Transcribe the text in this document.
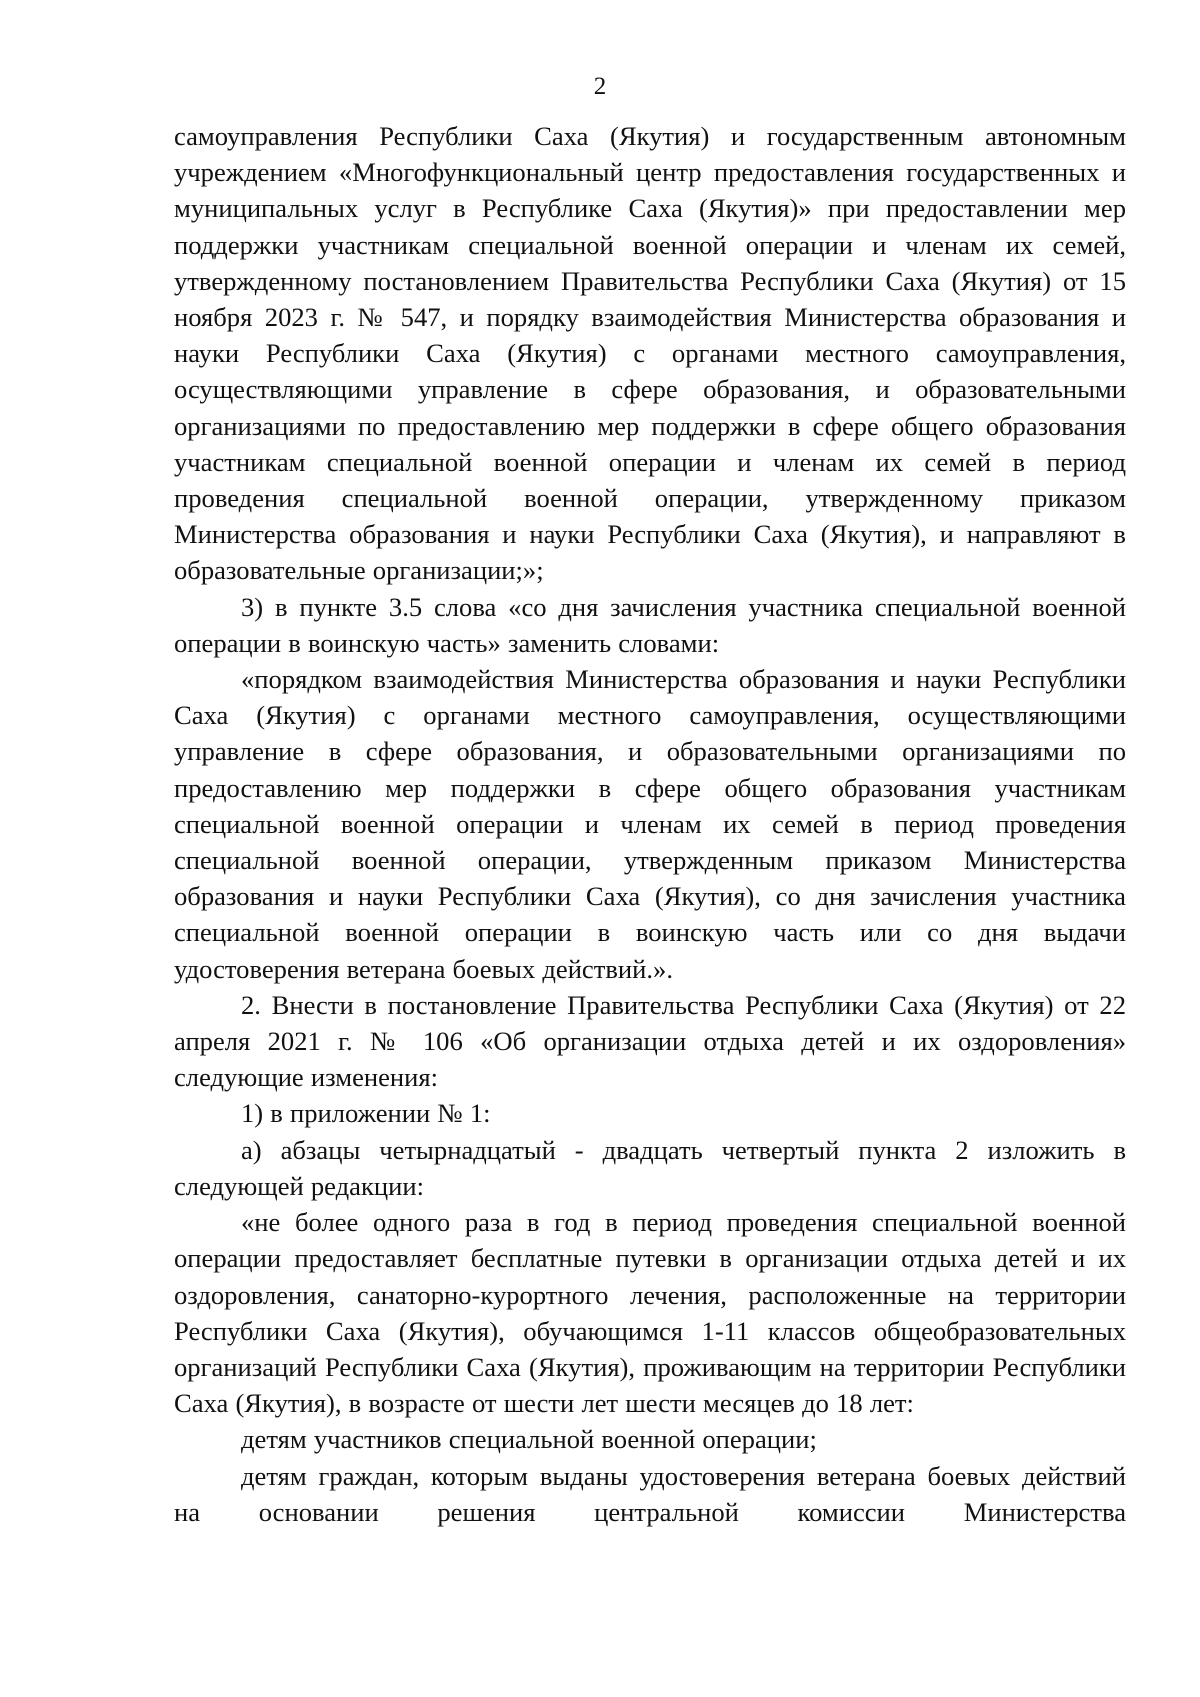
2

самоуправления Республики Саха (Якутия) и государственным автономным учреждением «Многофункциональный центр предоставления государственных и муниципальных услуг в Республике Саха (Якутия)» при предоставлении мер поддержки участникам специальной военной операции и членам их семей, утвержденному постановлением Правительства Республики Саха (Якутия) от 15 ноября 2023 г. № 547, и порядку взаимодействия Министерства образования и науки Республики Саха (Якутия) с органами местного самоуправления, осуществляющими управление в сфере образования, и образовательными организациями по предоставлению мер поддержки в сфере общего образования участникам специальной военной операции и членам их семей в период проведения специальной военной операции, утвержденному приказом Министерства образования и науки Республики Саха (Якутия), и направляют в образовательные организации;»;

3) в пункте 3.5 слова «со дня зачисления участника специальной военной операции в воинскую часть» заменить словами:

«порядком взаимодействия Министерства образования и науки Республики Саха (Якутия) с органами местного самоуправления, осуществляющими управление в сфере образования, и образовательными организациями по предоставлению мер поддержки в сфере общего образования участникам специальной военной операции и членам их семей в период проведения специальной военной операции, утвержденным приказом Министерства образования и науки Республики Саха (Якутия), со дня зачисления участника специальной военной операции в воинскую часть или со дня выдачи удостоверения ветерана боевых действий.».

2. Внести в постановление Правительства Республики Саха (Якутия) от 22 апреля 2021 г. № 106 «Об организации отдыха детей и их оздоровления» следующие изменения:

1) в приложении № 1:

а) абзацы четырнадцатый - двадцать четвертый пункта 2 изложить в следующей редакции:

«не более одного раза в год в период проведения специальной военной операции предоставляет бесплатные путевки в организации отдыха детей и их оздоровления, санаторно-курортного лечения, расположенные на территории Республики Саха (Якутия), обучающимся 1-11 классов общеобразовательных организаций Республики Саха (Якутия), проживающим на территории Республики Саха (Якутия), в возрасте от шести лет шести месяцев до 18 лет:

детям участников специальной военной операции;

детям граждан, которым выданы удостоверения ветерана боевых действий на основании решения центральной комиссии Министерства
